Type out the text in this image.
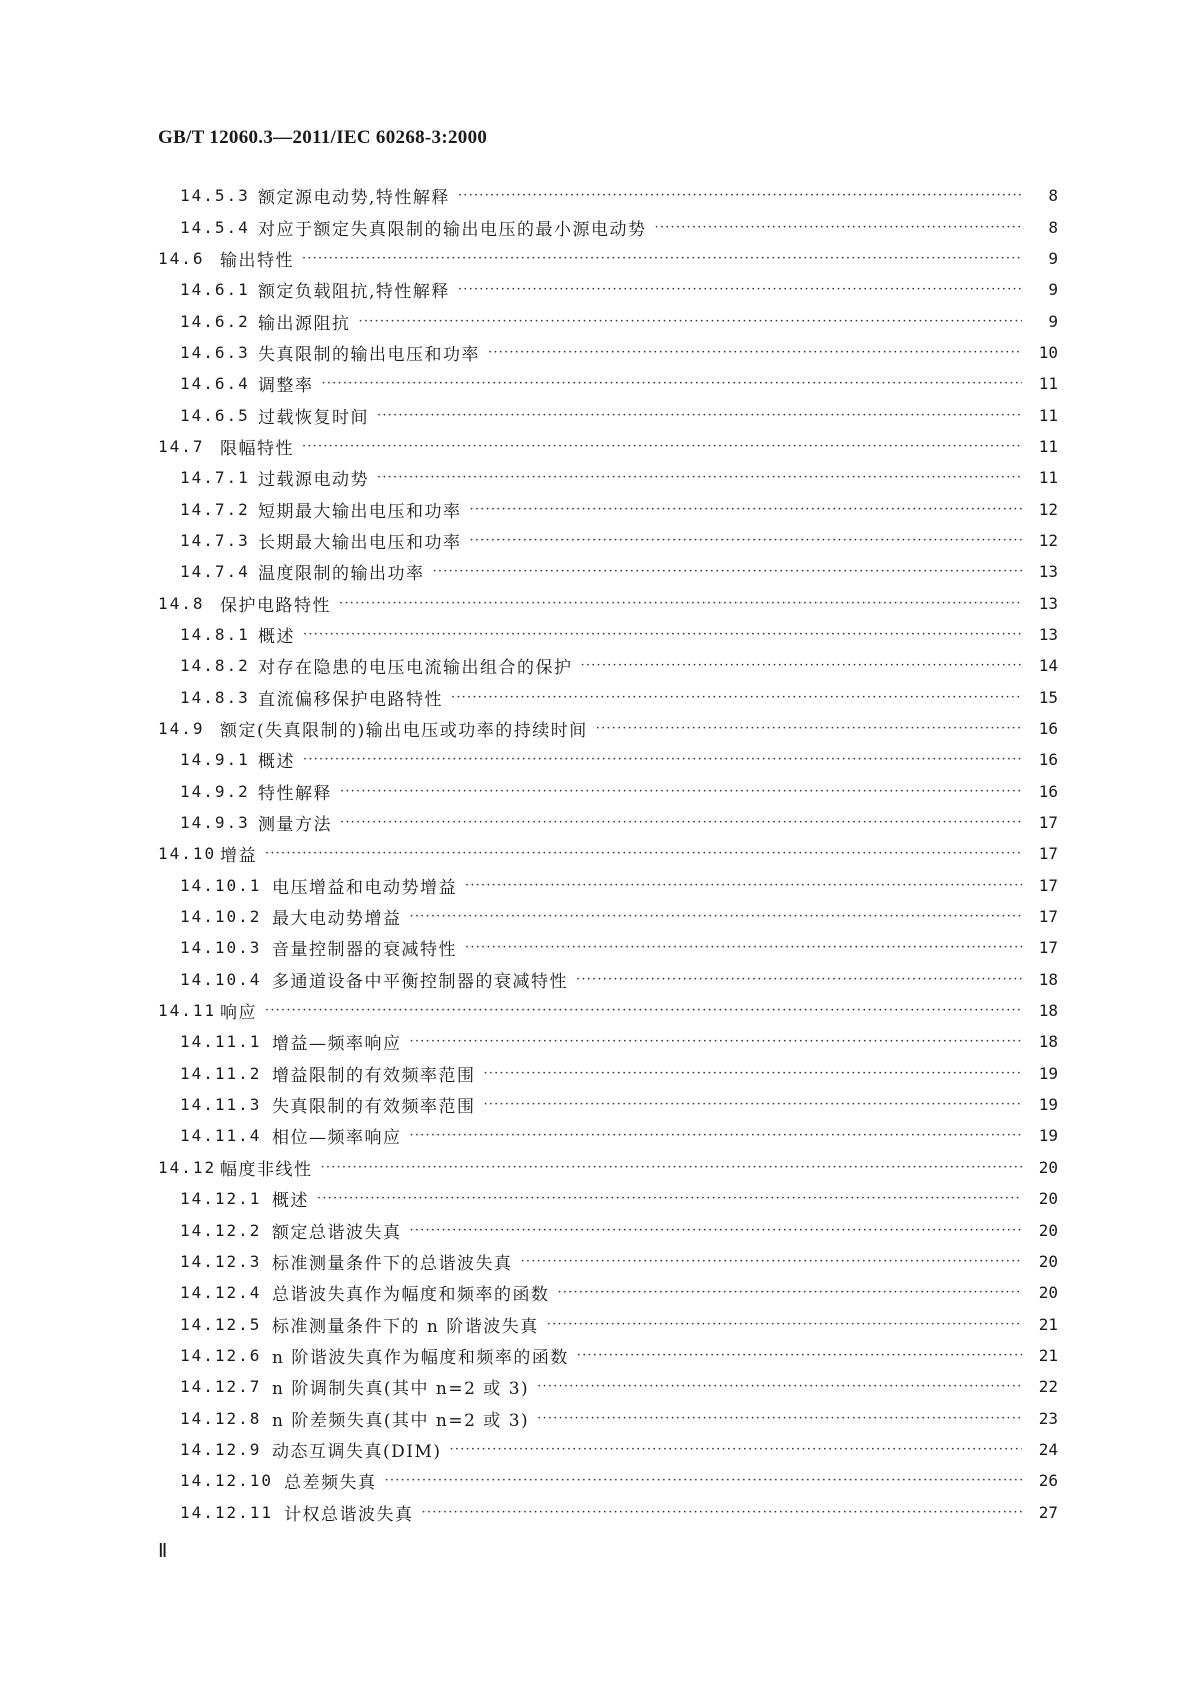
GB/T 12060.3—2011/IEC 60268-3:2000
14.5.3 额定源电动势,特性解释 ·····	8
14.5.4 对应于额定失真限制的输出电压的最小源电动势 ·····	8
14.6 输出特性 ·····	9
14.6.1 额定负载阻抗,特性解释 ·····	9
14.6.2 输出源阻抗 ·····	9
14.6.3 失真限制的输出电压和功率 ·····	10
14.6.4 调整率 ·····	11
14.6.5 过载恢复时间 ·····	11
14.7 限幅特性 ·····	11
14.7.1 过载源电动势 ·····	11
14.7.2 短期最大输出电压和功率 ·····	12
14.7.3 长期最大输出电压和功率 ·····	12
14.7.4 温度限制的输出功率 ·····	13
14.8 保护电路特性 ·····	13
14.8.1 概述 ·····	13
14.8.2 对存在隐患的电压电流输出组合的保护 ·····	14
14.8.3 直流偏移保护电路特性 ·····	15
14.9 额定(失真限制的)输出电压或功率的持续时间 ·····	16
14.9.1 概述 ·····	16
14.9.2 特性解释 ·····	16
14.9.3 测量方法 ·····	17
14.10 增益 ·····	17
14.10.1 电压增益和电动势增益 ·····	17
14.10.2 最大电动势增益 ·····	17
14.10.3 音量控制器的衰减特性 ·····	17
14.10.4 多通道设备中平衡控制器的衰减特性 ·····	18
14.11 响应 ·····	18
14.11.1 增益—频率响应 ·····	18
14.11.2 增益限制的有效频率范围 ·····	19
14.11.3 失真限制的有效频率范围 ·····	19
14.11.4 相位—频率响应 ·····	19
14.12 幅度非线性 ·····	20
14.12.1 概述 ·····	20
14.12.2 额定总谐波失真 ·····	20
14.12.3 标准测量条件下的总谐波失真 ·····	20
14.12.4 总谐波失真作为幅度和频率的函数 ·····	20
14.12.5 标准测量条件下的 n 阶谐波失真 ·····	21
14.12.6 n 阶谐波失真作为幅度和频率的函数 ·····	21
14.12.7 n 阶调制失真(其中 n=2 或 3) ·····	22
14.12.8 n 阶差频失真(其中 n=2 或 3) ·····	23
14.12.9 动态互调失真(DIM) ·····	24
14.12.10 总差频失真 ·····	26
14.12.11 计权总谐波失真 ·····	27
Ⅱ
